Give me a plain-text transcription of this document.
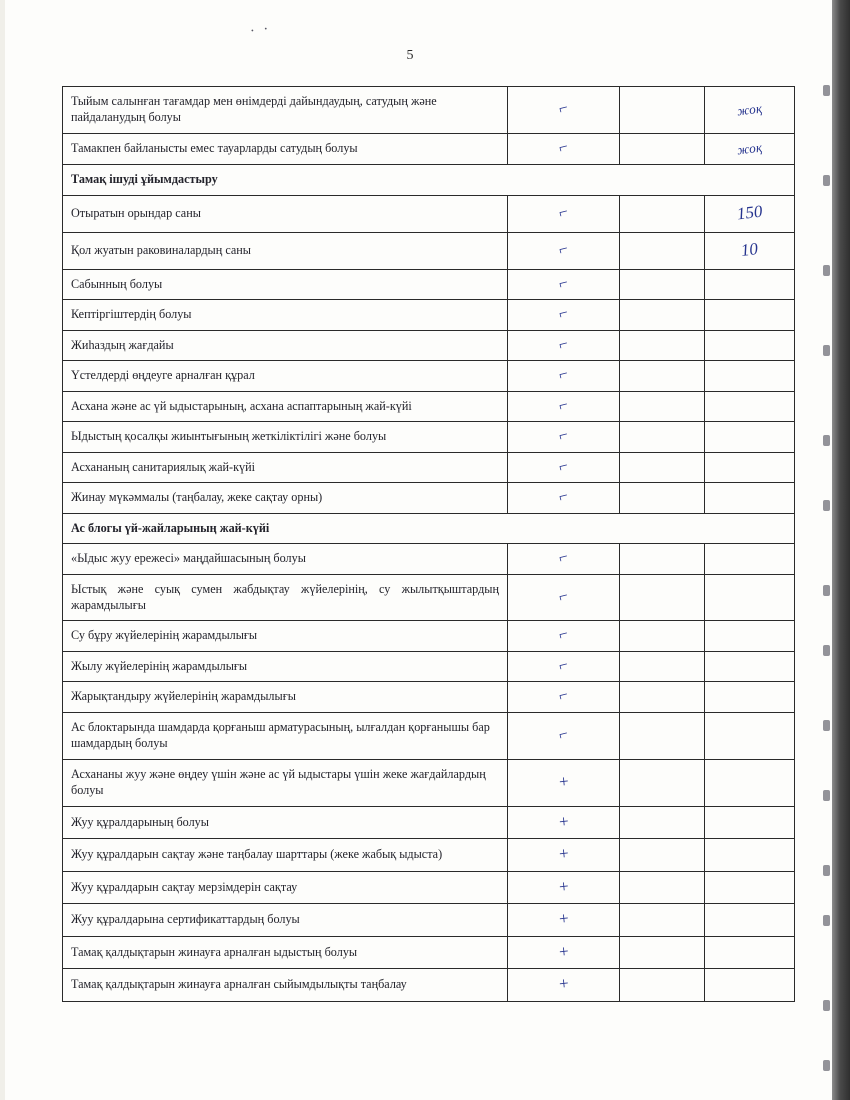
. .
5
Тыйым салынған тағамдар мен өнімдерді дайындаудың, сатудың және пайдаланудың болуы	⌐		жоқ
Тамакпен байланысты емес тауарларды сатудың болуы	⌐		жоқ
Тамақ ішуді ұйымдастыру			
Отыратын орындар саны	⌐		150
Қол жуатын раковиналардың саны	⌐		10
Сабынның болуы	⌐		
Кептіргіштердің болуы	⌐		
Жиһаздың жағдайы	⌐		
Үстелдерді өңдеуге арналған құрал	⌐		
Асхана және ас үй ыдыстарының, асхана аспаптарының жай-күйі	⌐		
Ыдыстың қосалқы жиынтығының жеткіліктілігі және болуы	⌐		
Асхананың санитариялық жай-күйі	⌐		
Жинау мүкәммалы (таңбалау, жеке сақтау орны)	⌐		
Ас блогы үй-жайларының жай-күйі			
«Ыдыс жуу ережесі» маңдайшасының болуы	⌐		
Ыстық және суық сумен жабдықтау жүйелерінің, су жылытқыштардың жарамдылығы	⌐		
Су бұру жүйелерінің жарамдылығы	⌐		
Жылу жүйелерінің жарамдылығы	⌐		
Жарықтандыру жүйелерінің жарамдылығы	⌐		
Ас блоктарында шамдарда қорғаныш арматурасының, ылғалдан қорғанышы бар шамдардың болуы	⌐		
Асхананы жуу және өңдеу үшін және ас үй ыдыстары үшін жеке жағдайлардың болуы	+		
Жуу құралдарының болуы	+		
Жуу құралдарын сақтау және таңбалау шарттары (жеке жабық ыдыста)	+		
Жуу құралдарын сақтау мерзімдерін сақтау	+		
Жуу құралдарына сертификаттардың болуы	+		
Тамақ қалдықтарын жинауға арналған ыдыстың болуы	+		
Тамақ қалдықтарын жинауға арналған сыйымдылықты таңбалау	+		
